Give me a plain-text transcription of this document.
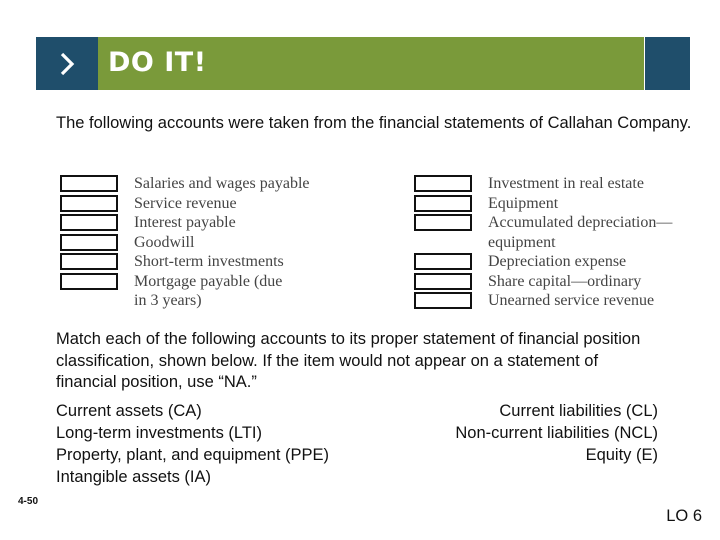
DO IT!
The following accounts were taken from the financial statements of Callahan Company.
Salaries and wages payable
Service revenue
Interest payable
Goodwill
Short-term investments
Mortgage payable (due
in 3 years)
Investment in real estate
Equipment
Accumulated depreciation—
equipment
Depreciation expense
Share capital—ordinary
Unearned service revenue
Match each of the following accounts to its proper statement of financial position classification, shown below. If the item would not appear on a statement of financial position, use “NA.”
Current assets (CA)
Long-term investments (LTI)
Property, plant, and equipment (PPE)
Intangible assets (IA)
Current liabilities (CL)
Non-current liabilities (NCL)
Equity (E)
4-50
LO 6
